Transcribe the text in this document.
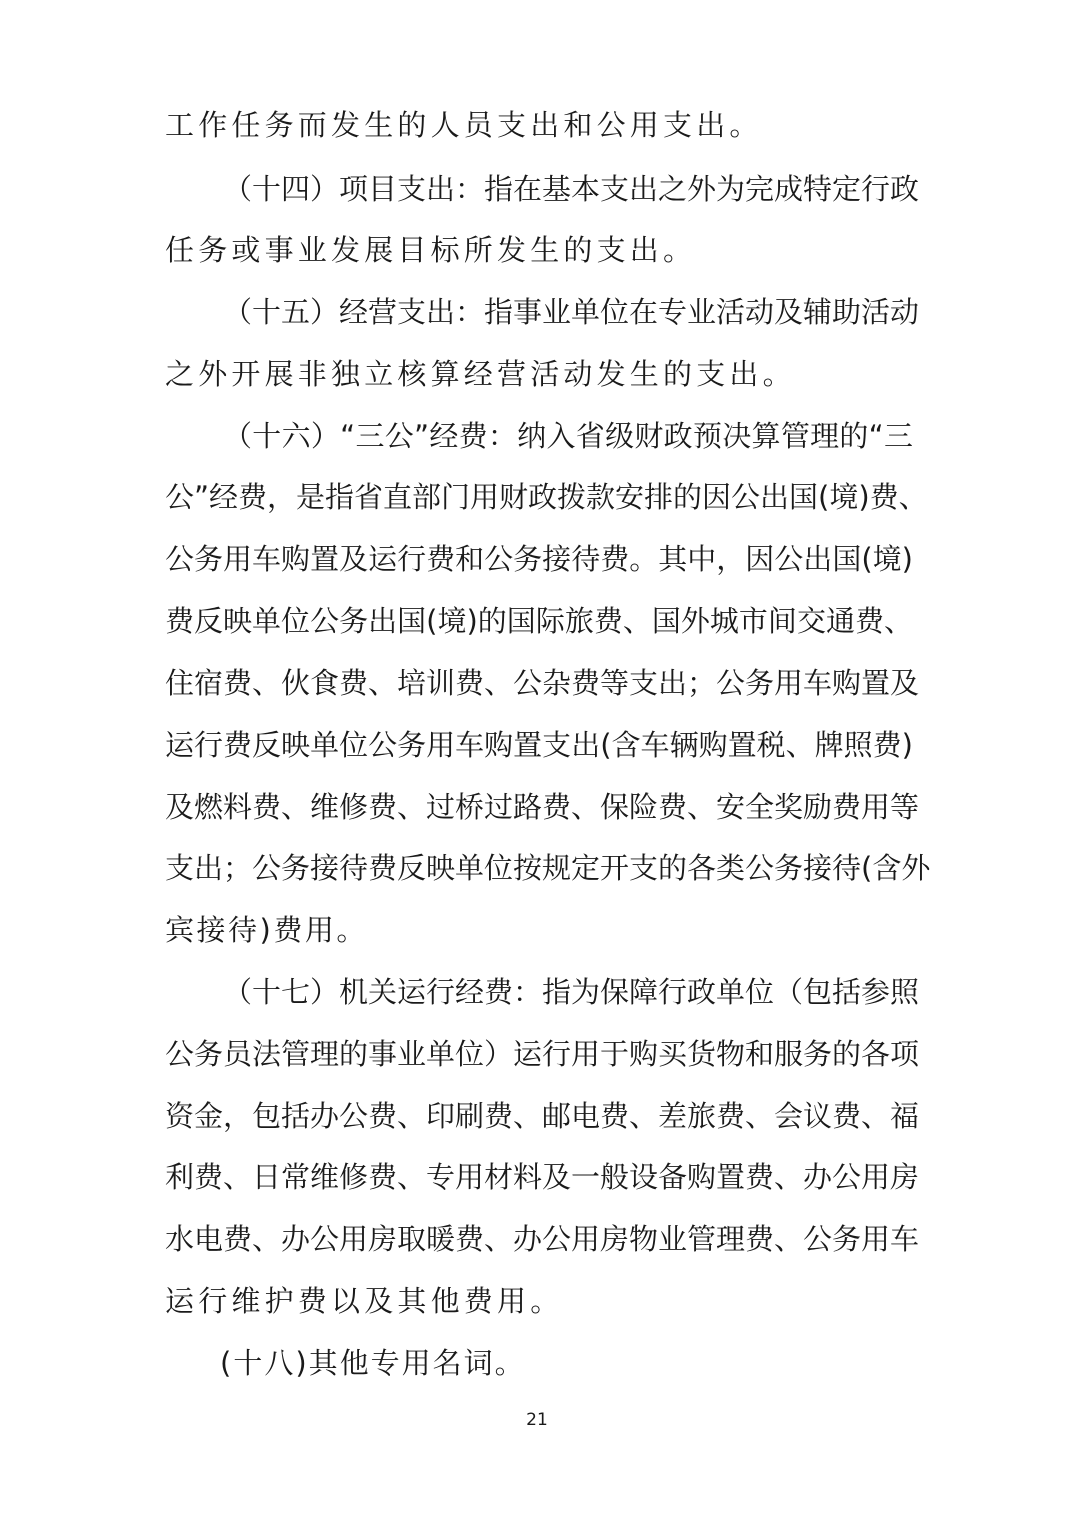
工作任务而发生的人员支出和公用支出。
（十四）项目支出：指在基本支出之外为完成特定行政
任务或事业发展目标所发生的支出。
（十五）经营支出：指事业单位在专业活动及辅助活动
之外开展非独立核算经营活动发生的支出。
（十六）“三公”经费：纳入省级财政预决算管理的“三
公”经费，是指省直部门用财政拨款安排的因公出国(境)费、
公务用车购置及运行费和公务接待费。其中，因公出国(境)
费反映单位公务出国(境)的国际旅费、国外城市间交通费、
住宿费、伙食费、培训费、公杂费等支出；公务用车购置及
运行费反映单位公务用车购置支出(含车辆购置税、牌照费)
及燃料费、维修费、过桥过路费、保险费、安全奖励费用等
支出；公务接待费反映单位按规定开支的各类公务接待(含外
宾接待)费用。
（十七）机关运行经费：指为保障行政单位（包括参照
公务员法管理的事业单位）运行用于购买货物和服务的各项
资金，包括办公费、印刷费、邮电费、差旅费、会议费、福
利费、日常维修费、专用材料及一般设备购置费、办公用房
水电费、办公用房取暖费、办公用房物业管理费、公务用车
运行维护费以及其他费用。
(十八)其他专用名词。
21
